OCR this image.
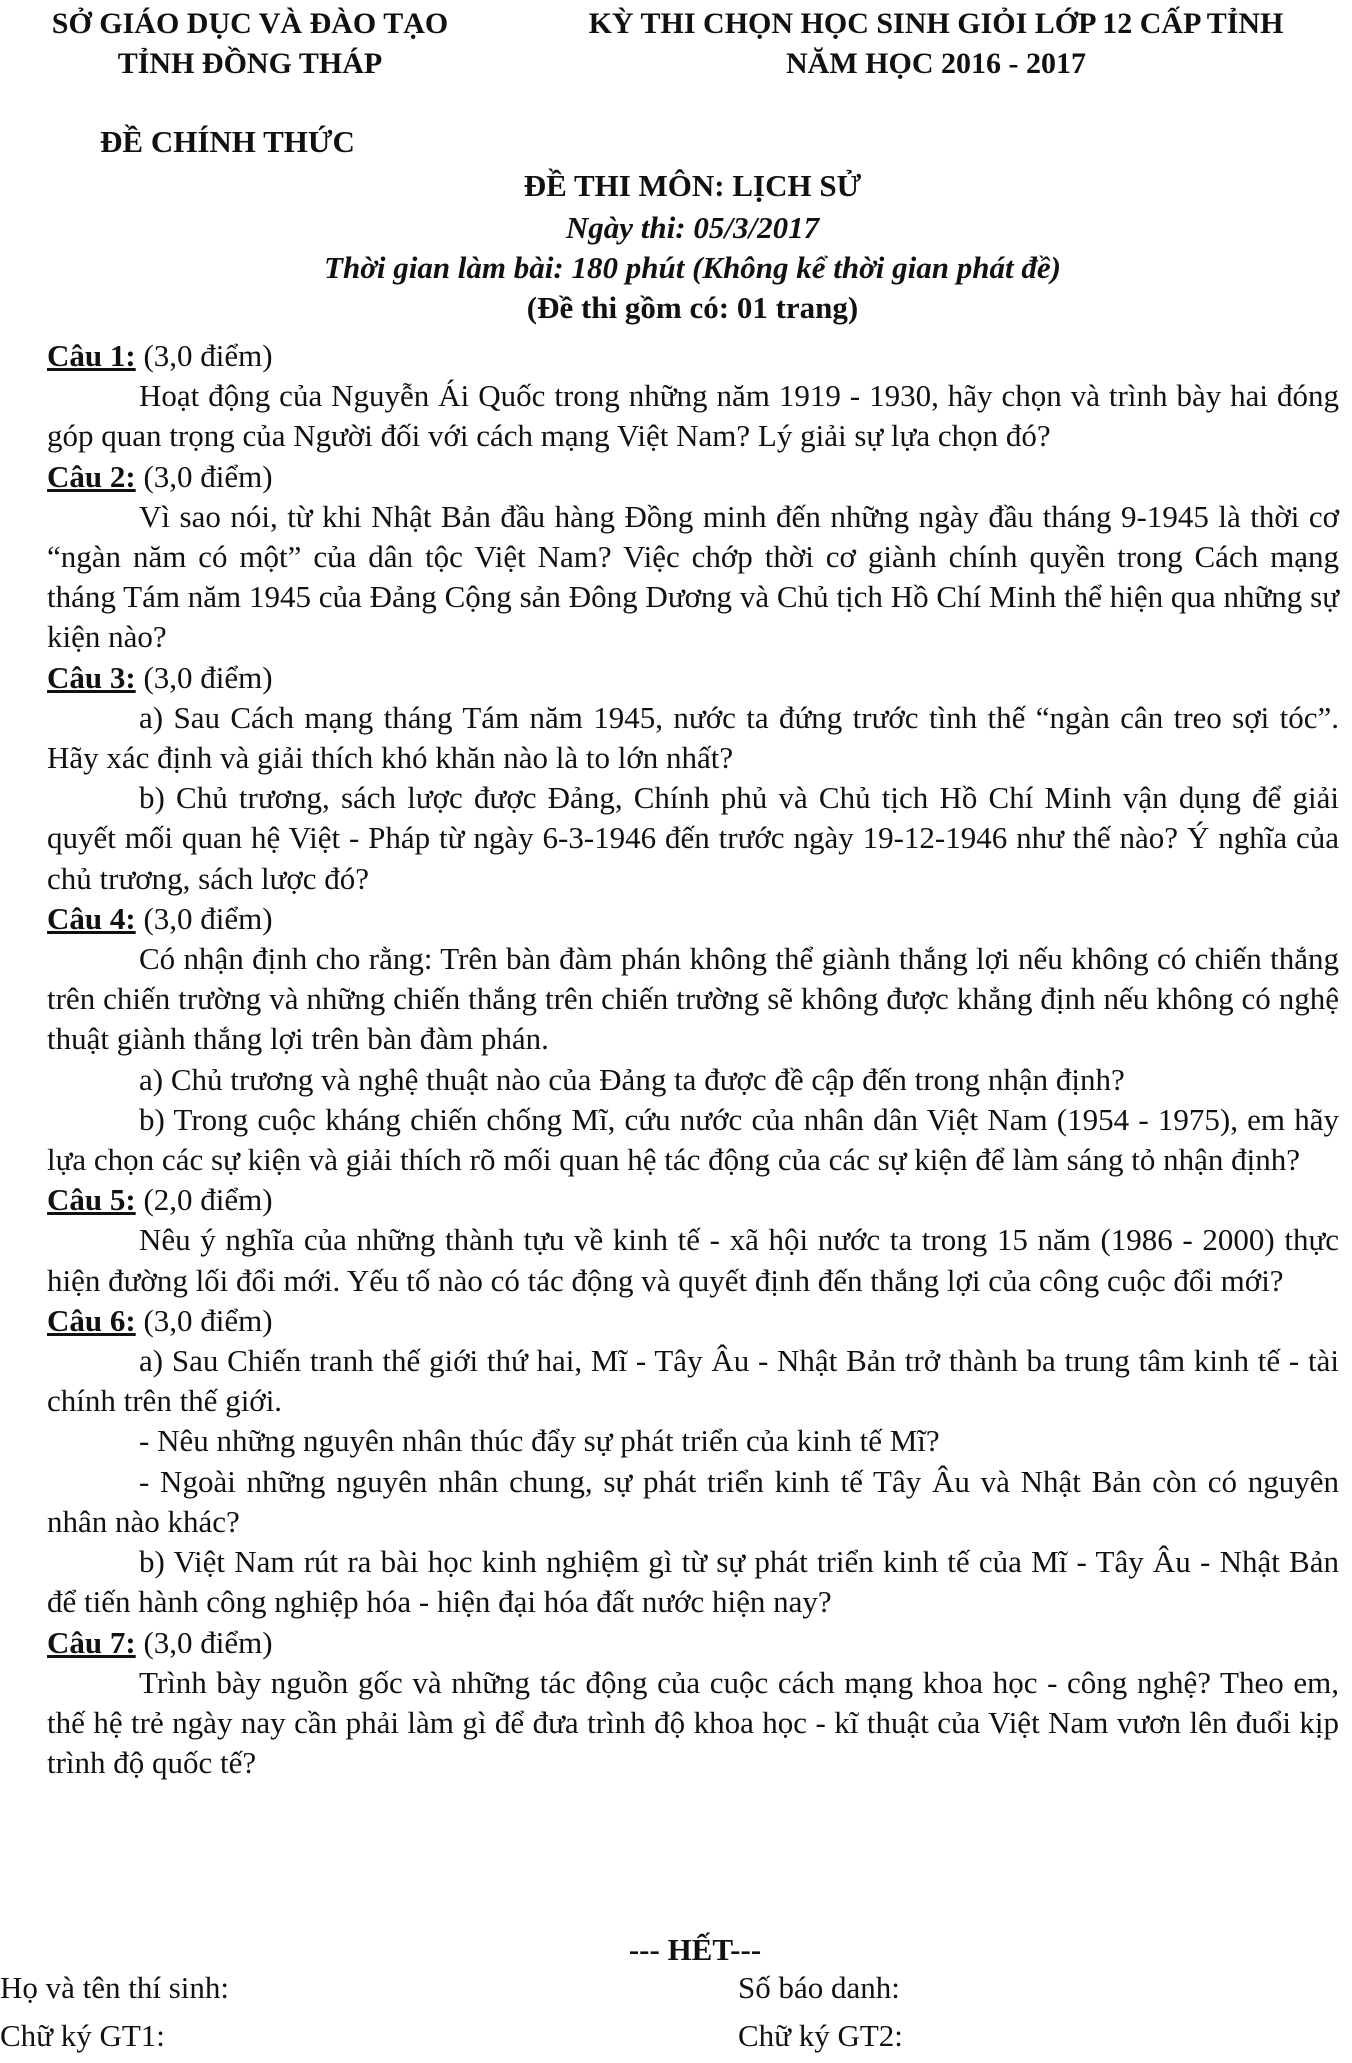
SỞ GIÁO DỤC VÀ ĐÀO TẠO
TỈNH ĐỒNG THÁP
KỲ THI CHỌN HỌC SINH GIỎI LỚP 12 CẤP TỈNH
NĂM HỌC 2016 - 2017
ĐỀ CHÍNH THỨC
ĐỀ THI MÔN: LỊCH SỬ
Ngày thi: 05/3/2017
Thời gian làm bài: 180 phút (Không kể thời gian phát đề)
(Đề thi gồm có: 01 trang)

Câu 1: (3,0 điểm)

Hoạt động của Nguyễn Ái Quốc trong những năm 1919 - 1930, hãy chọn và trình bày hai đóng góp quan trọng của Người đối với cách mạng Việt Nam? Lý giải sự lựa chọn đó?

Câu 2: (3,0 điểm)

Vì sao nói, từ khi Nhật Bản đầu hàng Đồng minh đến những ngày đầu tháng 9-1945 là thời cơ “ngàn năm có một” của dân tộc Việt Nam? Việc chớp thời cơ giành chính quyền trong Cách mạng tháng Tám năm 1945 của Đảng Cộng sản Đông Dương và Chủ tịch Hồ Chí Minh thể hiện qua những sự kiện nào?

Câu 3: (3,0 điểm)

a) Sau Cách mạng tháng Tám năm 1945, nước ta đứng trước tình thế “ngàn cân treo sợi tóc”. Hãy xác định và giải thích khó khăn nào là to lớn nhất?

b) Chủ trương, sách lược được Đảng, Chính phủ và Chủ tịch Hồ Chí Minh vận dụng để giải quyết mối quan hệ Việt - Pháp từ ngày 6-3-1946 đến trước ngày 19-12-1946 như thế nào? Ý nghĩa của chủ trương, sách lược đó?

Câu 4: (3,0 điểm)

Có nhận định cho rằng: Trên bàn đàm phán không thể giành thắng lợi nếu không có chiến thắng trên chiến trường và những chiến thắng trên chiến trường sẽ không được khẳng định nếu không có nghệ thuật giành thắng lợi trên bàn đàm phán.

a) Chủ trương và nghệ thuật nào của Đảng ta được đề cập đến trong nhận định?

b) Trong cuộc kháng chiến chống Mĩ, cứu nước của nhân dân Việt Nam (1954 - 1975), em hãy lựa chọn các sự kiện và giải thích rõ mối quan hệ tác động của các sự kiện để làm sáng tỏ nhận định?

Câu 5: (2,0 điểm)

Nêu ý nghĩa của những thành tựu về kinh tế - xã hội nước ta trong 15 năm (1986 - 2000) thực hiện đường lối đổi mới. Yếu tố nào có tác động và quyết định đến thắng lợi của công cuộc đổi mới?

Câu 6: (3,0 điểm)

a) Sau Chiến tranh thế giới thứ hai, Mĩ - Tây Âu - Nhật Bản trở thành ba trung tâm kinh tế - tài chính trên thế giới.

- Nêu những nguyên nhân thúc đẩy sự phát triển của kinh tế Mĩ?

- Ngoài những nguyên nhân chung, sự phát triển kinh tế Tây Âu và Nhật Bản còn có nguyên nhân nào khác?

b) Việt Nam rút ra bài học kinh nghiệm gì từ sự phát triển kinh tế của Mĩ - Tây Âu - Nhật Bản để tiến hành công nghiệp hóa - hiện đại hóa đất nước hiện nay?

Câu 7: (3,0 điểm)

Trình bày nguồn gốc và những tác động của cuộc cách mạng khoa học - công nghệ? Theo em, thế hệ trẻ ngày nay cần phải làm gì để đưa trình độ khoa học - kĩ thuật của Việt Nam vươn lên đuổi kịp trình độ quốc tế?

--- HẾT---
Họ và tên thí sinh:	Số báo danh:
Chữ ký GT1:	Chữ ký GT2:
